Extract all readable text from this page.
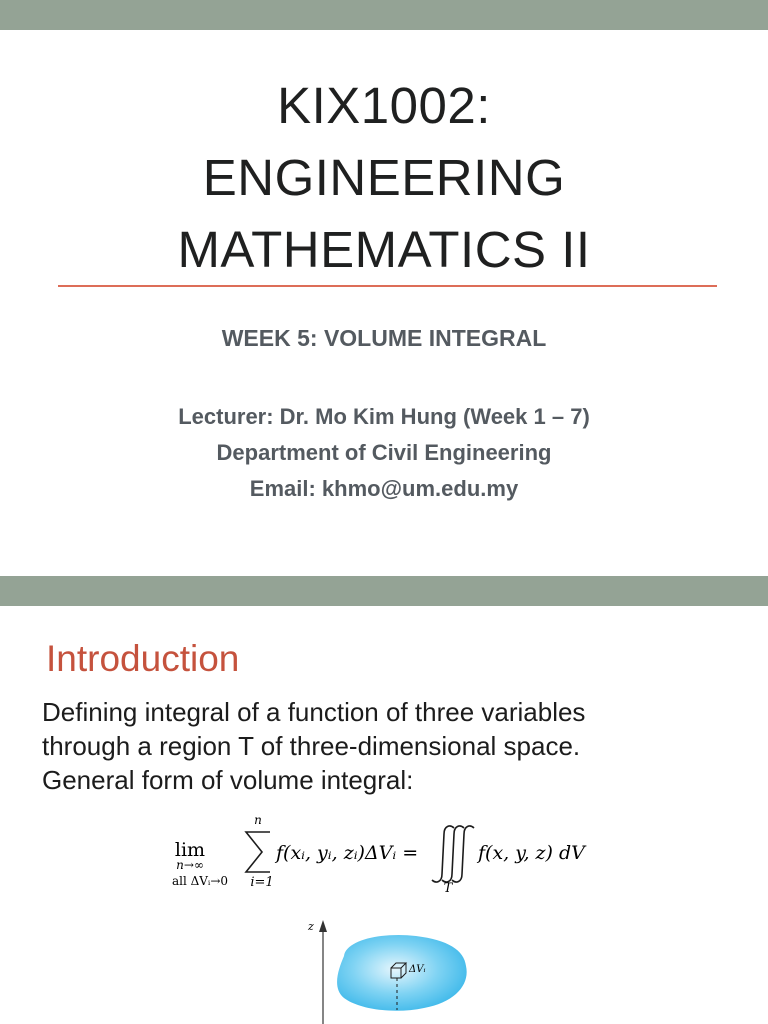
KIX1002:
ENGINEERING
MATHEMATICS II
WEEK 5: VOLUME INTEGRAL
Lecturer: Dr. Mo Kim Hung (Week 1 – 7)
Department of Civil Engineering
Email: khmo@um.edu.my
Introduction
Defining integral of a function of three variables
through a region T of three-dimensional space.
General form of volume integral:
lim
n→∞
all ΔVᵢ→0
n
i=1
f(xᵢ, yᵢ, zᵢ)ΔVᵢ =
T
f(x, y, z) dV
z
ΔVᵢ
